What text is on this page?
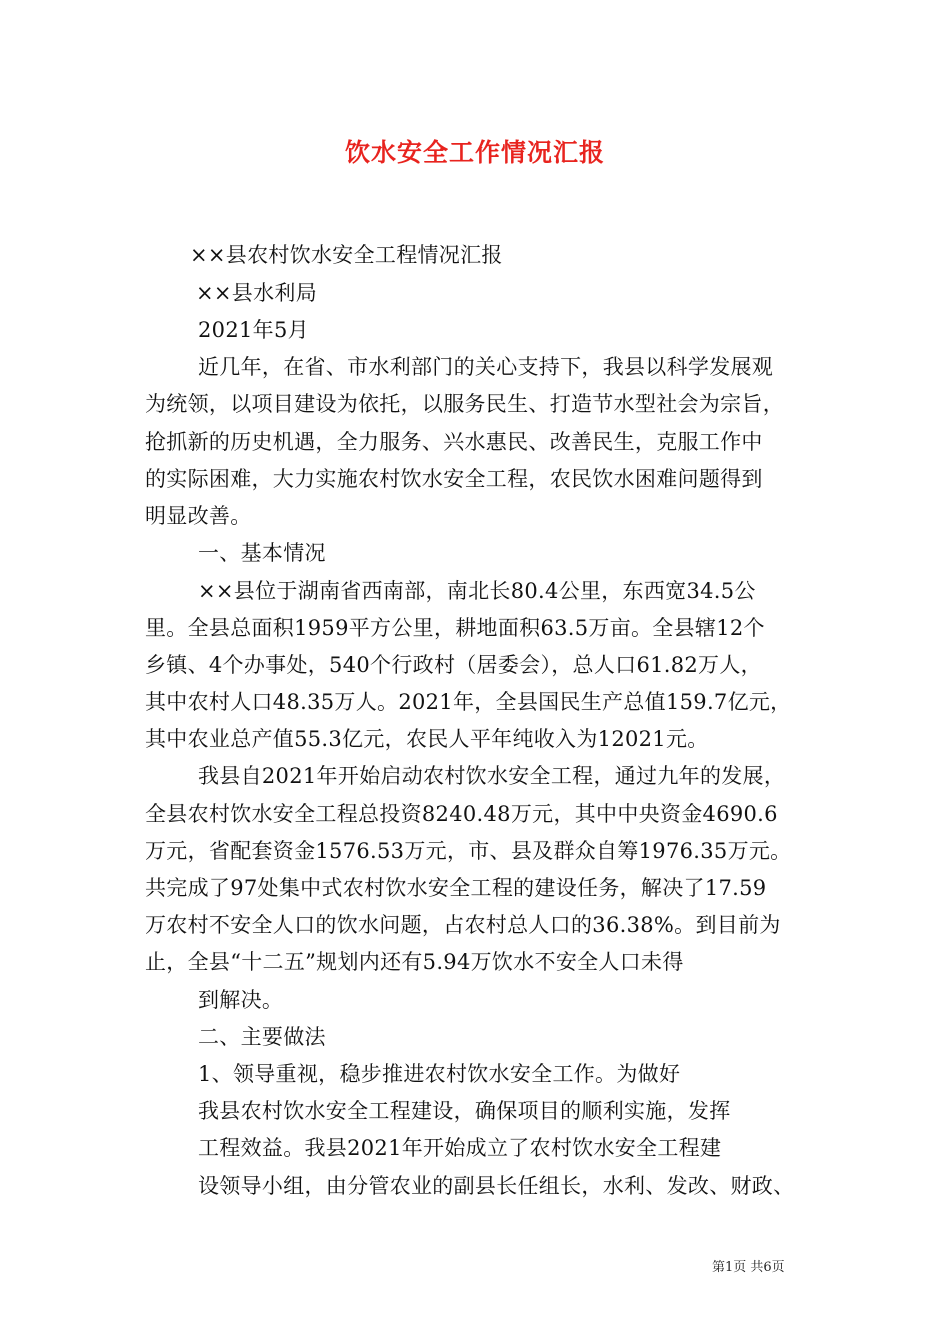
饮水安全工作情况汇报
××县农村饮水安全工程情况汇报
××县水利局
2021年5月
近几年，在省、市水利部门的关心支持下，我县以科学发展观
为统领，以项目建设为依托，以服务民生、打造节水型社会为宗旨，
抢抓新的历史机遇，全力服务、兴水惠民、改善民生，克服工作中
的实际困难，大力实施农村饮水安全工程，农民饮水困难问题得到
明显改善。
一、基本情况
××县位于湖南省西南部，南北长80.4公里，东西宽34.5公
里。全县总面积1959平方公里，耕地面积63.5万亩。全县辖12个
乡镇、4个办事处，540个行政村（居委会），总人口61.82万人，
其中农村人口48.35万人。2021年，全县国民生产总值159.7亿元，
其中农业总产值55.3亿元，农民人平年纯收入为12021元。
我县自2021年开始启动农村饮水安全工程，通过九年的发展，
全县农村饮水安全工程总投资8240.48万元，其中中央资金4690.6
万元，省配套资金1576.53万元，市、县及群众自筹1976.35万元。
共完成了97处集中式农村饮水安全工程的建设任务，解决了17.59
万农村不安全人口的饮水问题，占农村总人口的36.38%。到目前为
止，全县“十二五”规划内还有5.94万饮水不安全人口未得
到解决。
二、主要做法
1、领导重视，稳步推进农村饮水安全工作。为做好
我县农村饮水安全工程建设，确保项目的顺利实施，发挥
工程效益。我县2021年开始成立了农村饮水安全工程建
设领导小组，由分管农业的副县长任组长，水利、发改、财政、
第1页 共6页
